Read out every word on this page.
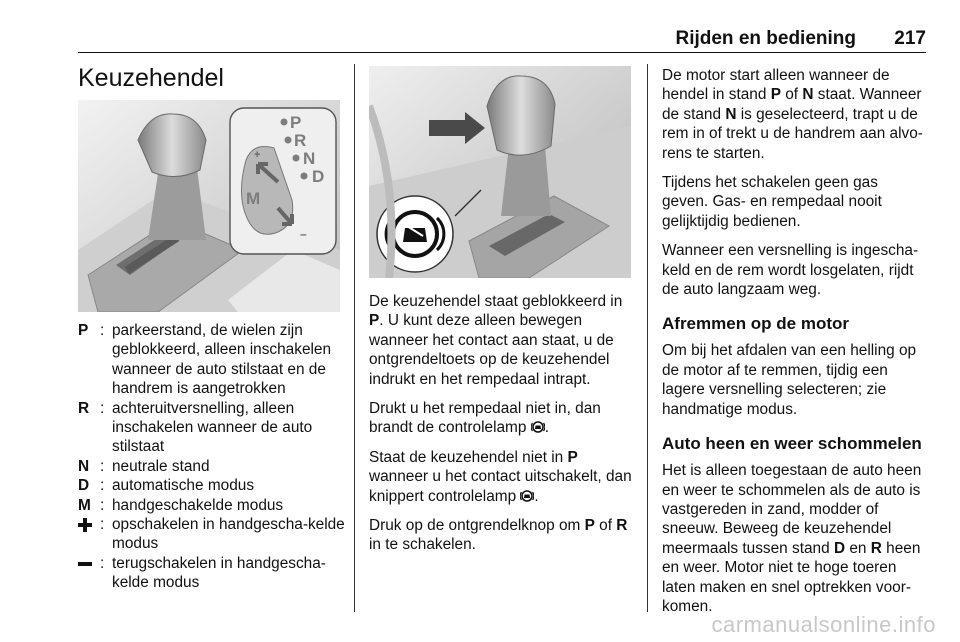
Rijden en bediening 217
Keuzehendel
P
R
N
D
M
+
–
P : parkeerstand, de wielen zijn geblokkeerd, alleen inschakelen wanneer de auto stilstaat en de handrem is aangetrokken
R : achteruitversnelling, alleen inschakelen wanneer de auto stilstaat
N : neutrale stand
D : automatische modus
M : handgeschakelde modus
: opschakelen in handgescha-kelde modus
: terugschakelen in handgescha-kelde modus

De keuzehendel staat geblokkeerd in P. U kunt deze alleen bewegen wanneer het contact aan staat, u de ontgrendeltoets op de keuzehendel indrukt en het rempedaal intrapt.

Drukt u het rempedaal niet in, dan brandt de controlelamp .

Staat de keuzehendel niet in P wanneer u het contact uitschakelt, dan knippert controlelamp .

Druk op de ontgrendelknop om P of R in te schakelen.

De motor start alleen wanneer de hendel in stand P of N staat. Wanneer de stand N is geselecteerd, trapt u de rem in of trekt u de handrem aan alvo-rens te starten.

Tijdens het schakelen geen gas geven. Gas- en rempedaal nooit gelijktijdig bedienen.

Wanneer een versnelling is ingescha-keld en de rem wordt losgelaten, rijdt de auto langzaam weg.

Afremmen op de motor

Om bij het afdalen van een helling op de motor af te remmen, tijdig een lagere versnelling selecteren; zie handmatige modus.

Auto heen en weer schommelen

Het is alleen toegestaan de auto heen en weer te schommelen als de auto is vastgereden in zand, modder of sneeuw. Beweeg de keuzehendel meermaals tussen stand D en R heen en weer. Motor niet te hoge toeren laten maken en snel optrekken voor-komen.

carmanualsonline.info
